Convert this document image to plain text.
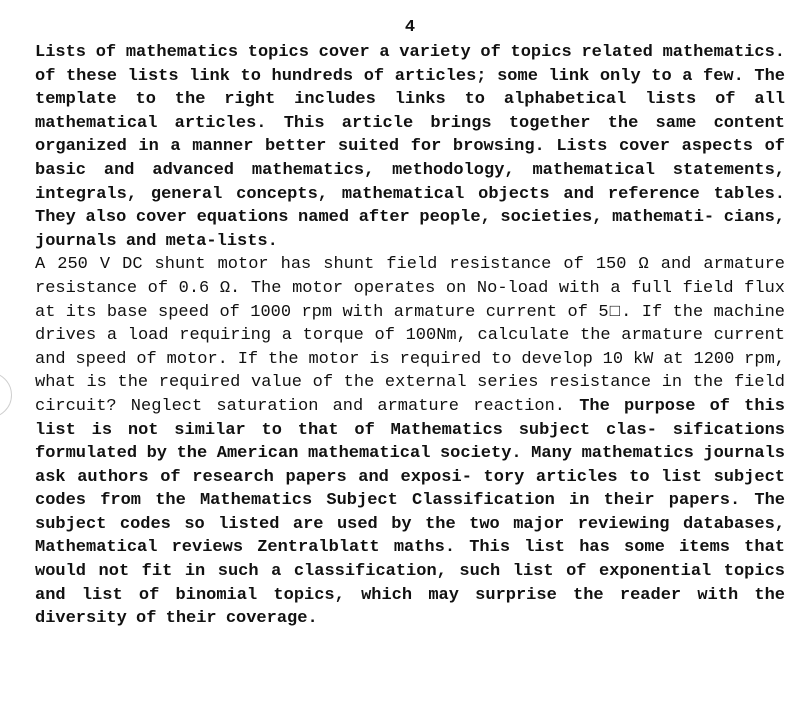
4

Lists of mathematics topics cover a variety of topics related mathematics. of these lists link to hundreds of articles; some link only to a few. The template to the right includes links to alphabetical lists of all mathematical articles. This article brings together the same content organized in a manner better suited for browsing. Lists cover aspects of basic and advanced mathematics, methodology, mathematical statements, integrals, general concepts, mathematical objects and reference tables. They also cover equations named after people, societies, mathemati- cians, journals and meta-lists.

A 250 V DC shunt motor has shunt field resistance of 150 Ω and armature resistance of 0.6 Ω. The motor operates on No-load with a full field flux at its base speed of 1000 rpm with armature current of 5□. If the machine drives a load requiring a torque of 100Nm, calculate the armature current and speed of motor. If the motor is required to develop 10 kW at 1200 rpm, what is the required value of the external series resistance in the field circuit? Neglect saturation and armature reaction. The purpose of this list is not similar to that of Mathematics subject clas- sifications formulated by the American mathematical society. Many mathematics journals ask authors of research papers and exposi- tory articles to list subject codes from the Mathematics Subject Classification in their papers. The subject codes so listed are used by the two major reviewing databases, Mathematical reviews Zentralblatt maths. This list has some items that would not fit in such a classification, such list of exponential topics and list of binomial topics, which may surprise the reader with the diversity of their coverage.
